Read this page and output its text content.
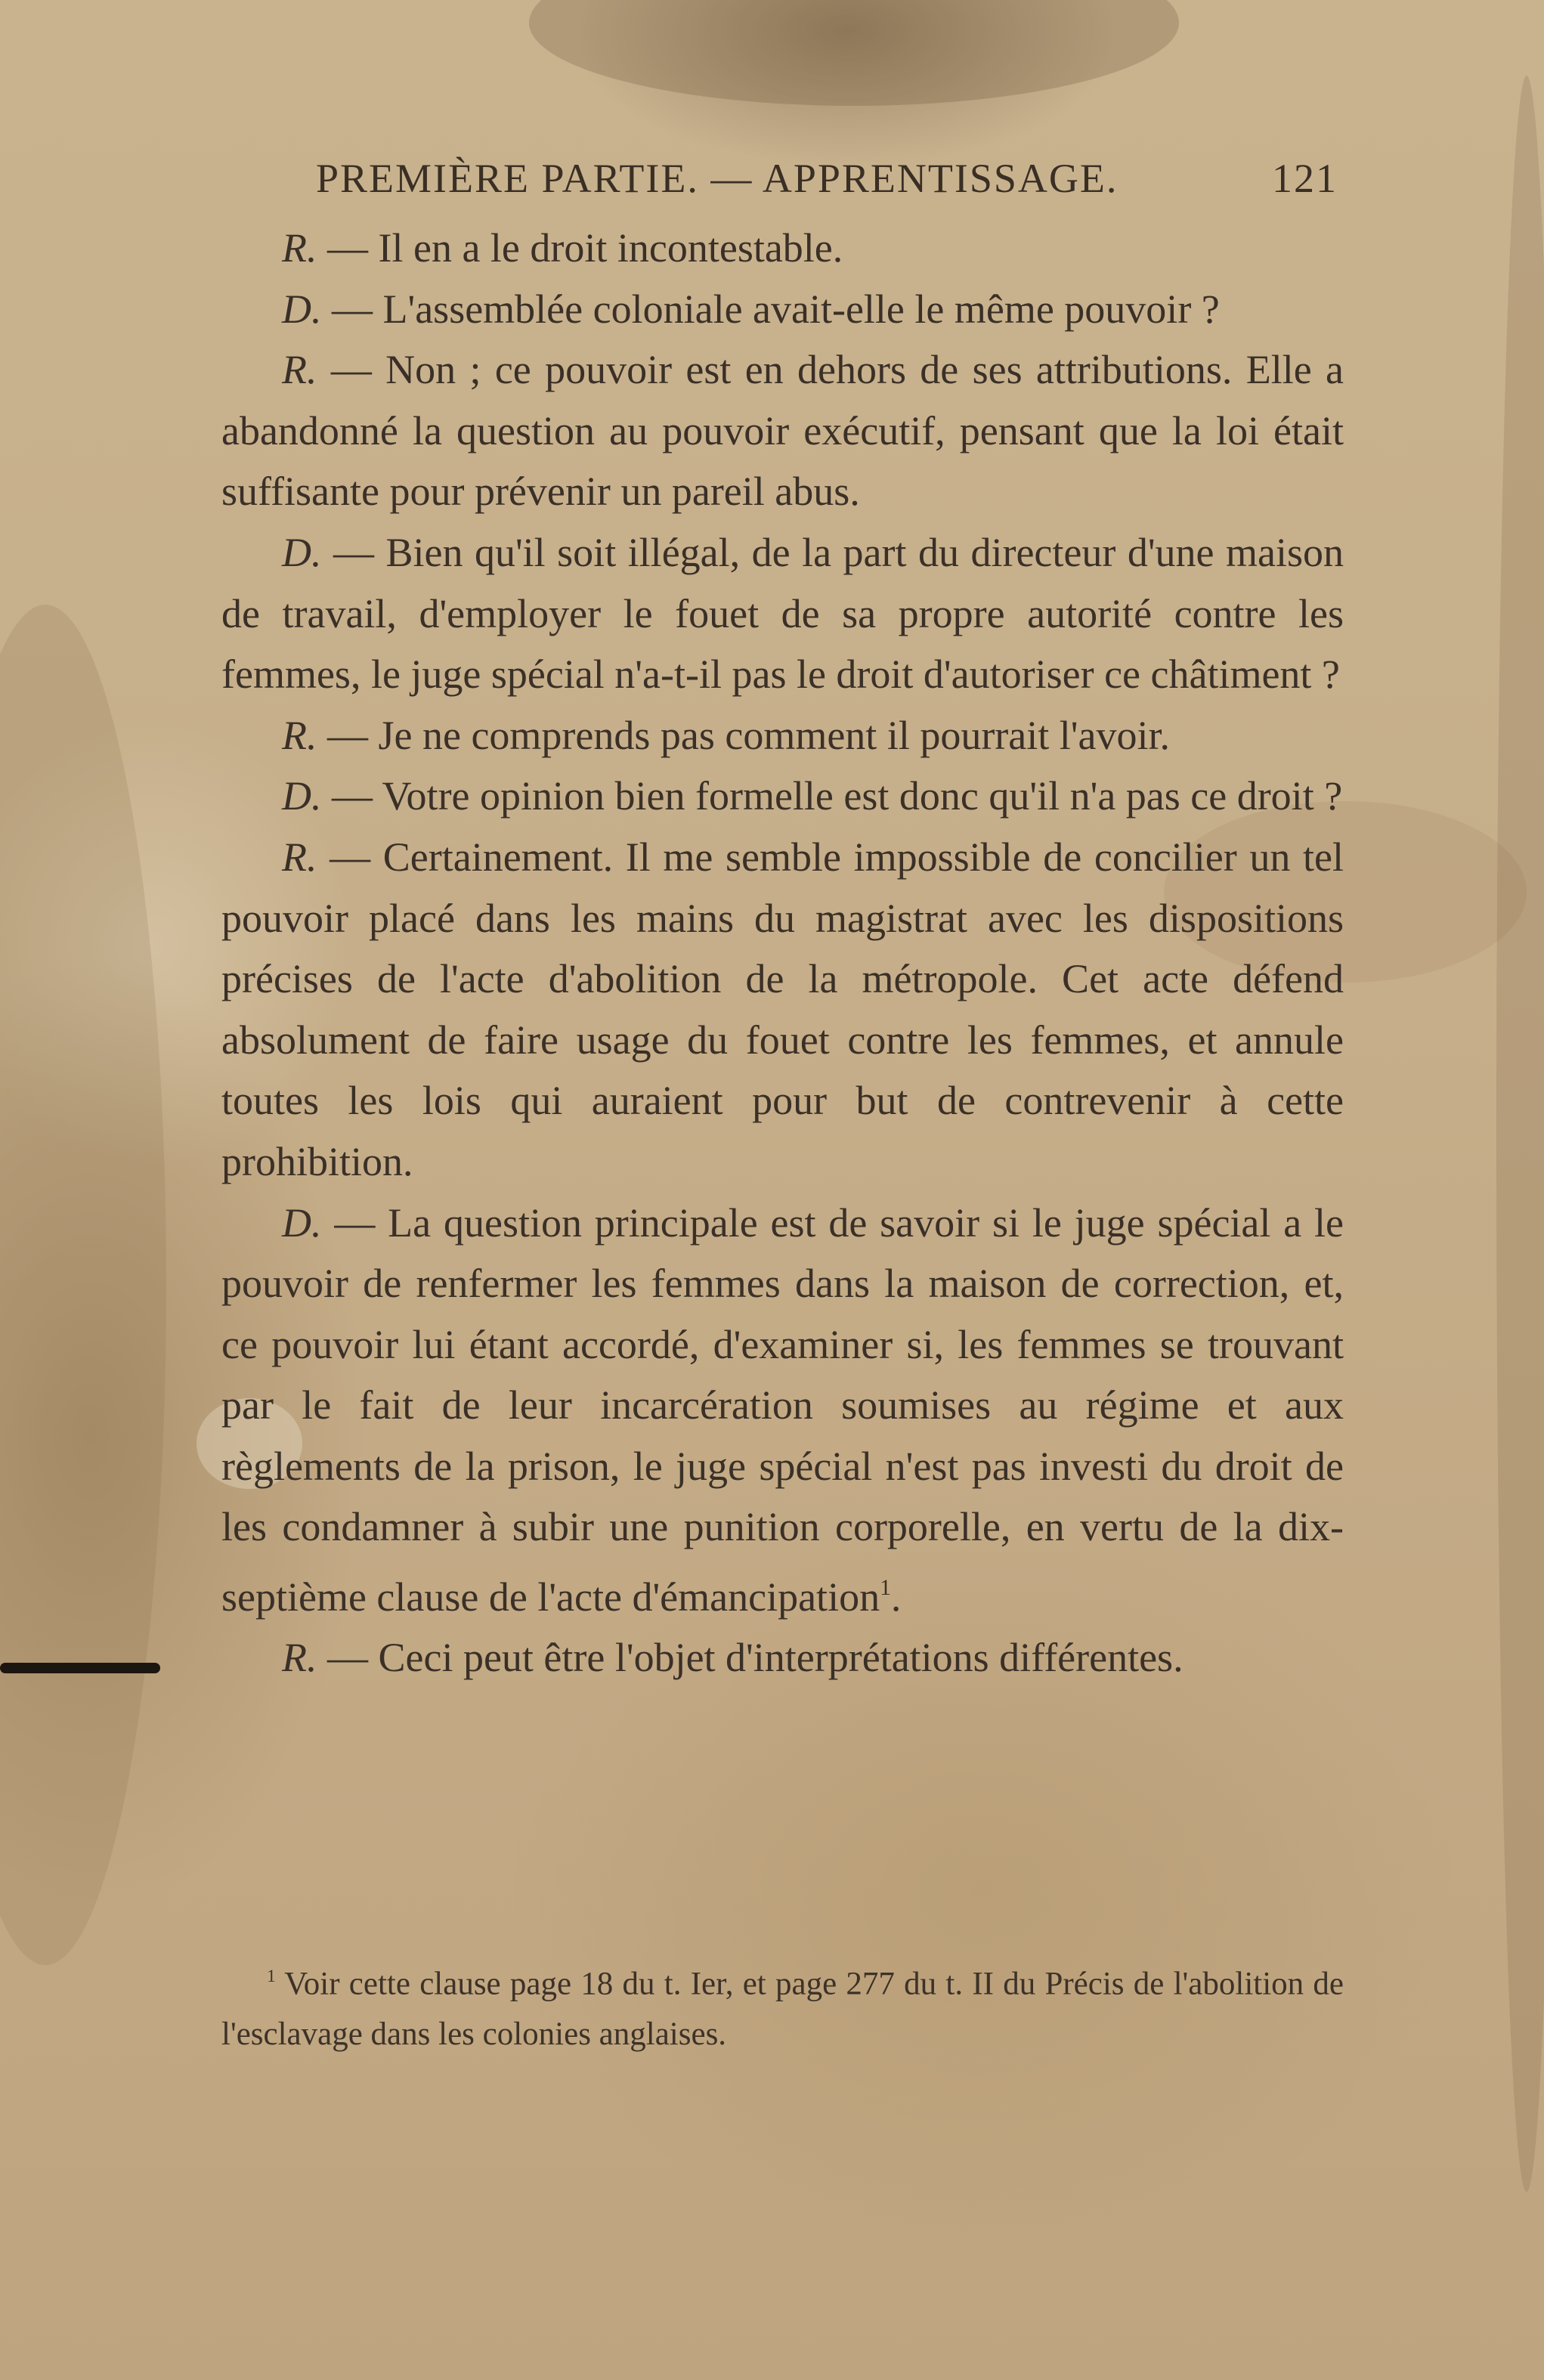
PREMIÈRE PARTIE. — APPRENTISSAGE.	121

R. — Il en a le droit incontestable.

D. — L'assemblée coloniale avait-elle le même pouvoir ?

R. — Non ; ce pouvoir est en dehors de ses attributions. Elle a abandonné la question au pouvoir exécutif, pensant que la loi était suffisante pour prévenir un pareil abus.

D. — Bien qu'il soit illégal, de la part du directeur d'une maison de travail, d'employer le fouet de sa propre autorité contre les femmes, le juge spécial n'a-t-il pas le droit d'autoriser ce châtiment ?

R. — Je ne comprends pas comment il pourrait l'avoir.

D. — Votre opinion bien formelle est donc qu'il n'a pas ce droit ?

R. — Certainement. Il me semble impossible de concilier un tel pouvoir placé dans les mains du magistrat avec les dispositions précises de l'acte d'abolition de la métropole. Cet acte défend absolument de faire usage du fouet contre les femmes, et annule toutes les lois qui auraient pour but de contrevenir à cette prohibition.

D. — La question principale est de savoir si le juge spécial a le pouvoir de renfermer les femmes dans la maison de correction, et, ce pouvoir lui étant accordé, d'examiner si, les femmes se trouvant par le fait de leur incarcération soumises au régime et aux règlements de la prison, le juge spécial n'est pas investi du droit de les condamner à subir une punition corporelle, en vertu de la dix-septième clause de l'acte d'émancipation$^1$.

R. — Ceci peut être l'objet d'interprétations différentes.

$^1$ Voir cette clause page 18 du t. Ier, et page 277 du t. II du Précis de l'abolition de l'esclavage dans les colonies anglaises.
